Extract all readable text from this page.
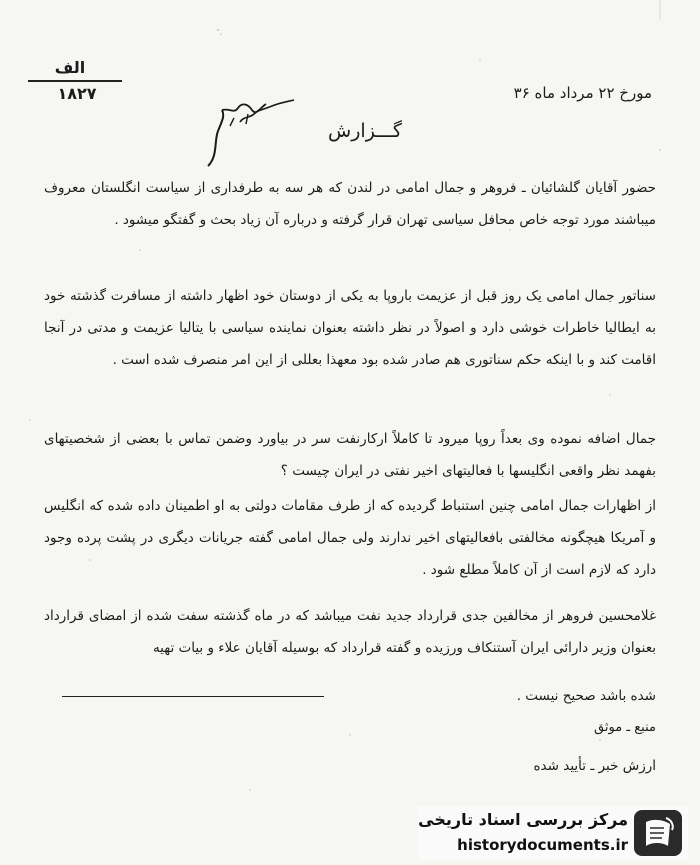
مورخ ۲۲ مرداد ماه ۳۶
الف
۱۸۲۷
گـــزارش
حضور آقایان گلشائیان ـ فروهر و جمال امامی در لندن که هر سه به طرفداری از سیاست انگلستان معروف میباشند مورد توجه خاص محافل سیاسی تهران قرار گرفته و درباره آن زیاد بحث و گفتگو میشود .
سناتور جمال امامی یک روز قبل از عزیمت باروپا به یکی از دوستان خود اظهار داشته از مسافرت گذشته خود به ایطالیا خاطرات خوشی دارد و اصولاً در نظر داشته بعنوان نماینده سیاسی با یتالیا عزیمت و مدتی در آنجا اقامت کند و با اینکه حکم سناتوری هم صادر شده بود معهذا بعللی از این امر منصرف شده است .
جمال اضافه نموده وی بعداً روپا میرود تا کاملاً ارکارنفت سر در بیاورد وضمن تماس با بعضی از شخصیتهای بفهمد نظر واقعی انگلیسها با فعالیتهای اخیر نفتی در ایران چیست ؟
از اظهارات جمال امامی چنین استنباط گردیده که از طرف مقامات دولتی به او اطمینان داده شده که انگلیس و آمریکا هیچگونه مخالفتی بافعالیتهای اخیر ندارند ولی جمال امامی گفته جریانات دیگری در پشت پرده وجود دارد که لازم است از آن کاملاً مطلع شود .
غلامحسین فروهر از مخالفین جدی قرارداد جدید نفت میباشد که در ماه گذشته سفت شده از امضای قرارداد بعنوان وزیر دارائی ایران آستنکاف ورزیده و گفته قرارداد که بوسیله آقایان علاء و بیات تهیه
شده باشد صحیح نیست .
منبع ـ موثق
ارزش خبر ـ تأیید شده
مرکز بررسی اسناد تاریخی
historydocuments.ir
